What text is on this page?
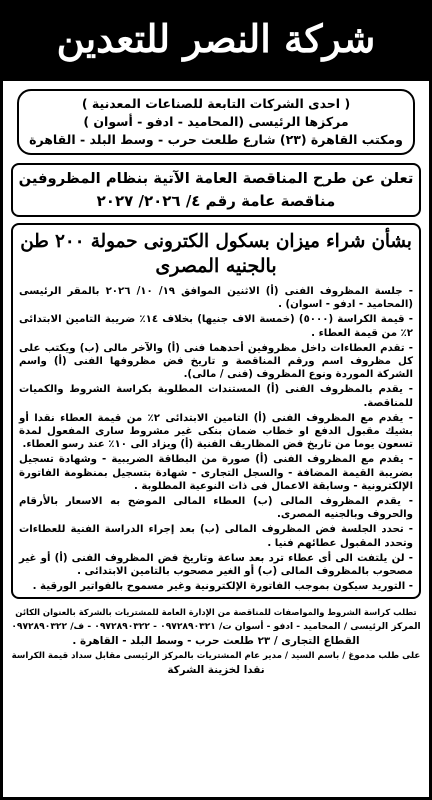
شركة النصر للتعدين
( احدى الشركات التابعة للصناعات المعدنية )
مركزها الرئيسى (المحاميد - ادفو - أسوان )
ومكتب القاهرة (٢٣) شارع طلعت حرب - وسط البلد - القاهرة
تعلن عن طرح المناقصة العامة الآتية بنظام المظروفين
مناقصة عامة رقم ٤/ ٢٠٢٦/ ٢٠٢٧
بشأن شراء ميزان بسكول الكترونى حمولة ٢٠٠ طن
بالجنيه المصرى

- جلسة المظروف الفنى (أ) الاثنين الموافق ١٩/ ١٠/ ٢٠٢٦ بالمقر الرئيسى (المحاميد - ادفو - اسوان) .

- قيمة الكراسة (٥٠٠٠) (خمسة الاف جنيها) بخلاف ١٤٪ ضريبة التامين الابتدائى ٢٪ من قيمة العطاء .

- تقدم العطاءات داخل مظروفين أحدهما فنى (أ) والآخر مالى (ب) ويكتب على كل مظروف اسم ورقم المناقصة و تاريخ فض مظروفها الفنى (أ) واسم الشركة الموردة ونوع المظروف (فنى / مالى).

- يقدم بالمظروف الفنى (أ) المستندات المطلوبة بكراسة الشروط والكميات للمناقصة.

- يقدم مع المظروف الفنى (أ) التامين الابتدائى ٢٪ من قيمة العطاء نقدا أو بشيك مقبول الدفع او خطاب ضمان بنكى غير مشروط سارى المفعول لمدة تسعون يوما من تاريخ فض المظاريف الفنية (أ) ويزاد الى ١٠٪ عند رسو العطاء.

- يقدم مع المظروف الفنى (أ) صورة من البطاقة الضريبية - وشهادة تسجيل بضريبة القيمة المضافة - والسجل التجارى - شهادة بتسجيل بمنظومة الفاتورة الإلكترونية - وسابقة الاعمال فى ذات النوعية المطلوبة .

- يقدم المظروف المالى (ب) العطاء المالى الموضح به الاسعار بالأرقام والحروف وبالجنيه المصرى.

- تحدد الجلسة فض المظروف المالى (ب) بعد إجراء الدراسة الفنية للعطاءات وتحدد المقبول عطائهم فنيا .

- لن يلتفت الى أى عطاء ترد بعد ساعة وتاريخ فض المظروف الفنى (أ) أو غير مصحوب بالمظروف المالى (ب) أو الغير مصحوب بالتامين الابتدائى .

- التوريد سيكون بموجب الفاتورة الإلكترونية وغير مسموح بالفواتير الورقية .

تطلب كراسة الشروط والمواصفات للمناقصة من الإدارة العامة للمشتريات بالشركة بالعنوان الكائن
المركز الرئيسى / المحاميد - ادفو - أسوان ت/ ٠٩٧٢٨٩٠٣٢١ - ٠٩٧٢٨٩٠٣٢٢ - ف/ ٠٩٧٢٨٩٠٣٢٢
القطاع التجارى / ٢٣ طلعت حرب - وسط البلد - القاهرة .
على طلب مدموغ / باسم السيد / مدير عام المشتريات بالمركز الرئيسى مقابل سداد قيمة الكراسة
نقدا لخزينة الشركة
